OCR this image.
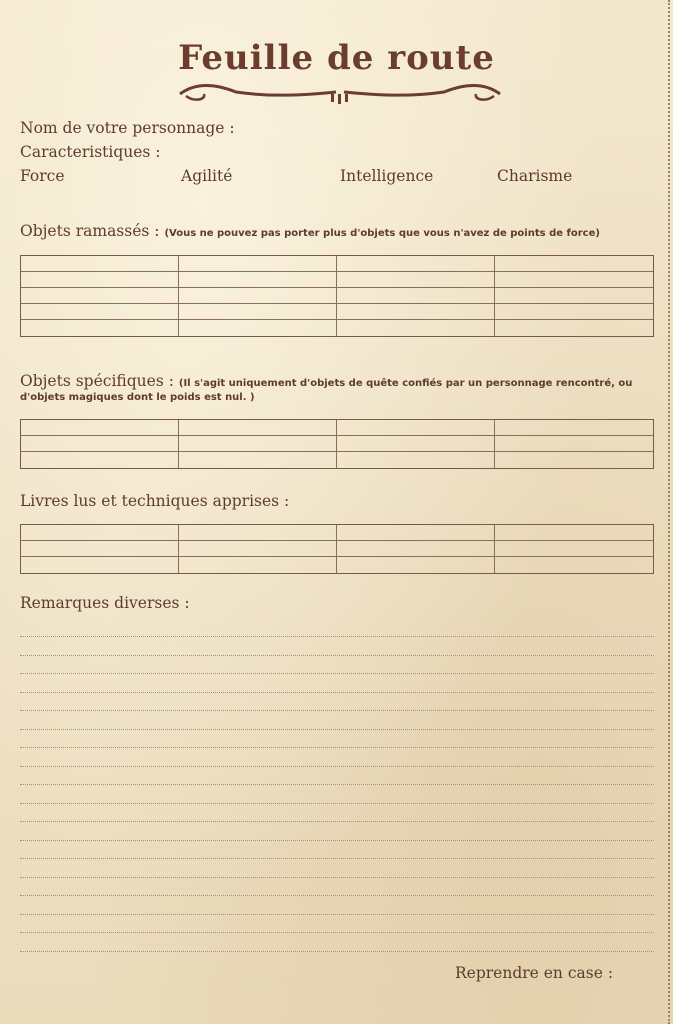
Feuille de route
Nom de votre personnage :
Caracteristiques :
Force	Agilité	Intelligence	Charisme
Objets ramassés : (Vous ne pouvez pas porter plus d'objets que vous n'avez de points de force)
Objets spécifiques : (Il s'agit uniquement d'objets de quête confiés par un personnage rencontré, ou
d'objets magiques dont le poids est nul. )
Livres lus et techniques apprises :
Remarques diverses :
Reprendre en case :
